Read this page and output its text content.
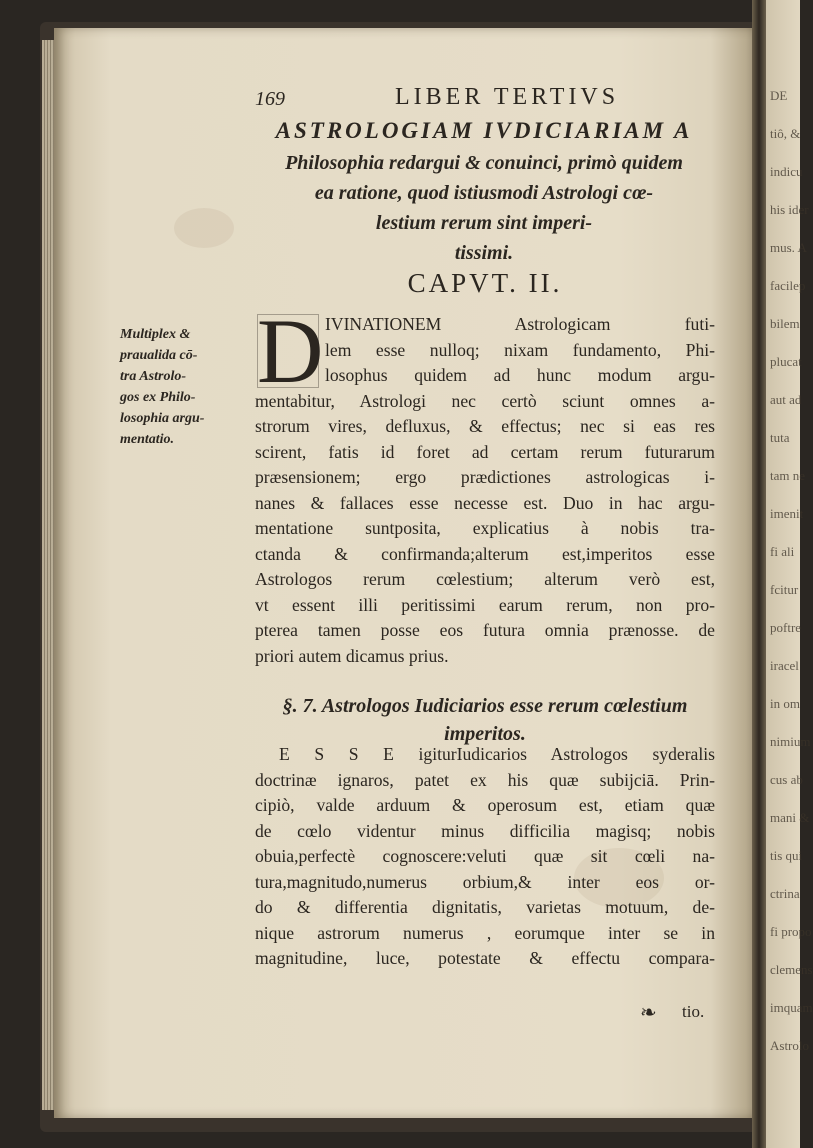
DE
tiô, &
indicu
his ider
mus. A
facilep
bilem
plucat
aut ad
tuta
tam ne
imenit
fi ali
fcitur
poftre
iracel
in om
nimium
cus ab
mani &
tis qui
ctrina
fi propo
clemens
imquam
Astrolo
169	LIBER TERTIVS
ASTROLOGIAM IVDICIARIAM A
Philosophia redargui & conuinci, primò quidem
ea ratione, quod istiusmodi Astrologi cœ-
lestium rerum sint imperi-
tissimi.
CAPVT. II.
Multiplex &
praualida cō-
tra Astrolo-
gos ex Philo-
losophia argu-
mentatio.
D IVINATIONEM Astrologicam futi-
lem esse nulloq; nixam fundamento, Phi-
losophus quidem ad hunc modum argu-
mentabitur, Astrologi nec certò sciunt omnes a-
strorum vires, defluxus, & effectus; nec si eas res
scirent, fatis id foret ad certam rerum futurarum
præsensionem; ergo prædictiones astrologicas i-
nanes & fallaces esse necesse est. Duo in hac argu-
mentatione suntposita, explicatius à nobis tra-
ctanda & confirmanda;alterum est,imperitos esse
Astrologos rerum cœlestium; alterum verò est,
vt essent illi peritissimi earum rerum, non pro-
pterea tamen posse eos futura omnia prænosse. de
priori autem dicamus prius.
§. 7. Astrologos Iudiciarios esse rerum cœlestium
imperitos.
E S S E igiturIudicarios Astrologos syderalis
doctrinæ ignaros, patet ex his quæ subijciā. Prin-
cipiò, valde arduum & operosum est, etiam quæ
de cœlo videntur minus difficilia magisq; nobis
obuia,perfectè cognoscere:veluti quæ sit cœli na-
tura,magnitudo,numerus orbium,& inter eos or-
do & differentia dignitatis, varietas motuum, de-
nique astrorum numerus , eorumque inter se in
magnitudine, luce, potestate & effectu compara-
❧ tio.
